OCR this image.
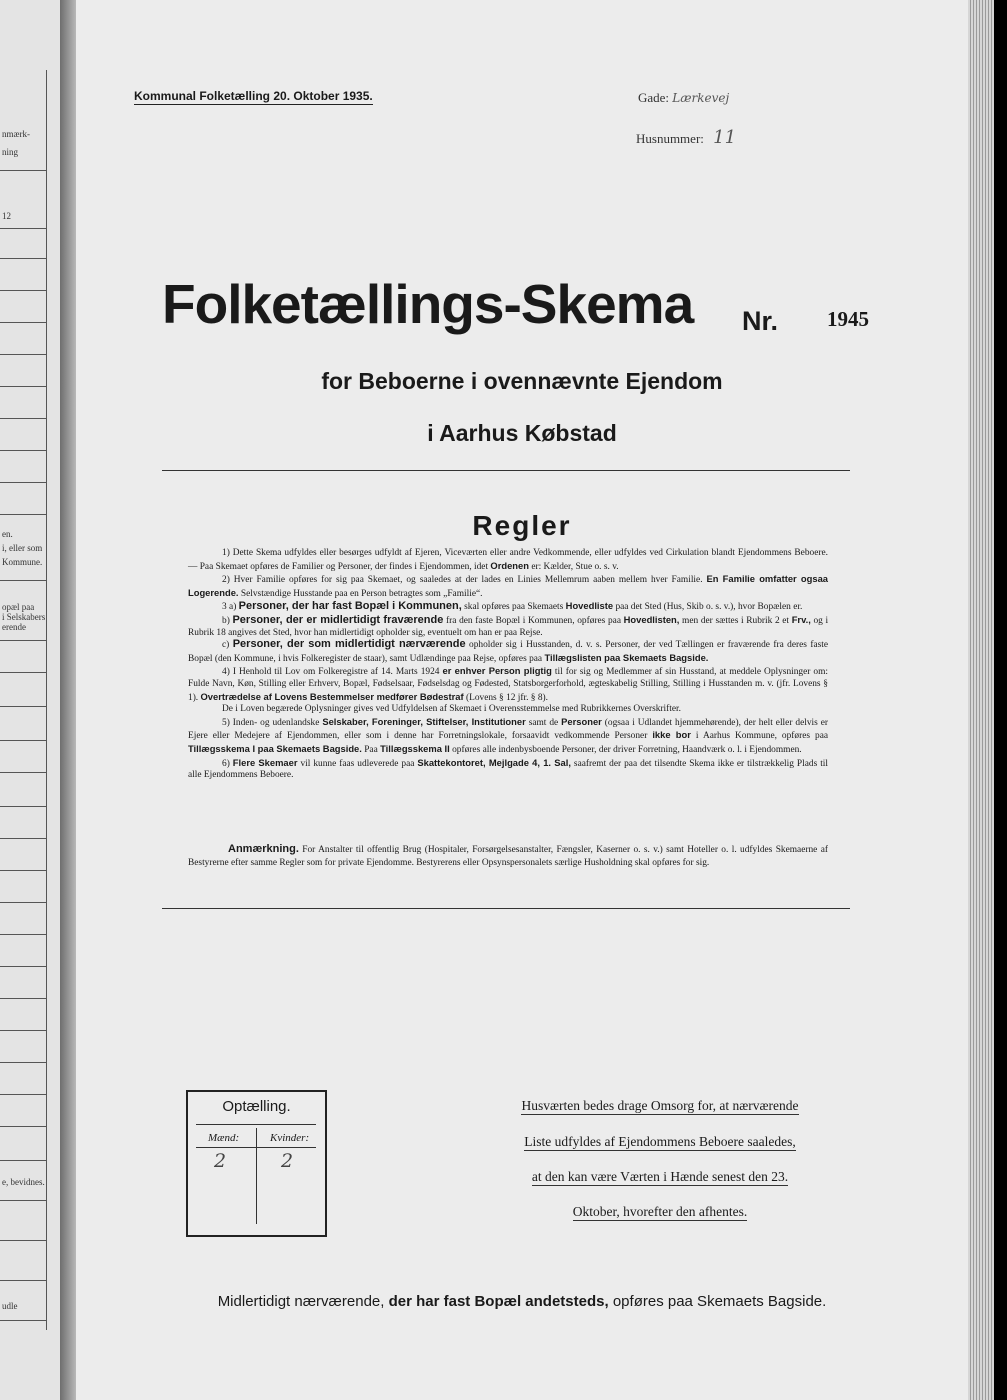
nmærk-
ning
12
en.
i, eller som
Kommune.
opæl paa
i Selskabers
erende
e, bevidnes.
udle
Kommunal Folketælling 20. Oktober 1935.	Gade: Lærkevej
Husnummer: 11
Folketællings-Skema Nr. 1945
for Beboerne i ovennævnte Ejendom
i Aarhus Købstad
Regler

1) Dette Skema udfyldes eller besørges udfyldt af Ejeren, Viceværten eller andre Vedkommende, eller udfyldes ved Cirkulation blandt Ejendommens Beboere. — Paa Skemaet opføres de Familier og Personer, der findes i Ejendommen, idet Ordenen er: Kælder, Stue o. s. v.

2) Hver Familie opføres for sig paa Skemaet, og saaledes at der lades en Linies Mellemrum aaben mellem hver Familie. En Familie omfatter ogsaa Logerende. Selvstændige Husstande paa en Person betragtes som „Familie“.

3 a) Personer, der har fast Bopæl i Kommunen, skal opføres paa Skemaets Hovedliste paa det Sted (Hus, Skib o. s. v.), hvor Bopælen er.

b) Personer, der er midlertidigt fraværende fra den faste Bopæl i Kommunen, opføres paa Hovedlisten, men der sættes i Rubrik 2 et Frv., og i Rubrik 18 angives det Sted, hvor han midlertidigt opholder sig, eventuelt om han er paa Rejse.

c) Personer, der som midlertidigt nærværende opholder sig i Husstanden, d. v. s. Personer, der ved Tællingen er fraværende fra deres faste Bopæl (den Kommune, i hvis Folkeregister de staar), samt Udlændinge paa Rejse, opføres paa Tillægslisten paa Skemaets Bagside.

4) I Henhold til Lov om Folkeregistre af 14. Marts 1924 er enhver Person pligtig til for sig og Medlemmer af sin Husstand, at meddele Oplysninger om: Fulde Navn, Køn, Stilling eller Erhverv, Bopæl, Fødselsaar, Fødselsdag og Fødested, Statsborgerforhold, ægteskabelig Stilling, Stilling i Husstanden m. v. (jfr. Lovens § 1). Overtrædelse af Lovens Bestemmelser medfører Bødestraf (Lovens § 12 jfr. § 8).

De i Loven begærede Oplysninger gives ved Udfyldelsen af Skemaet i Overensstemmelse med Rubrikkernes Overskrifter.

5) Inden- og udenlandske Selskaber, Foreninger, Stiftelser, Institutioner samt de Personer (ogsaa i Udlandet hjemmehørende), der helt eller delvis er Ejere eller Medejere af Ejendommen, eller som i denne har Forretningslokale, forsaavidt vedkommende Personer ikke bor i Aarhus Kommune, opføres paa Tillægsskema I paa Skemaets Bagside. Paa Tillægsskema II opføres alle indenbysboende Personer, der driver Forretning, Haandværk o. l. i Ejendommen.

6) Flere Skemaer vil kunne faas udleverede paa Skattekontoret, Mejlgade 4, 1. Sal, saafremt der paa det tilsendte Skema ikke er tilstrækkelig Plads til alle Ejendommens Beboere.

Anmærkning. For Anstalter til offentlig Brug (Hospitaler, Forsørgelsesanstalter, Fængsler, Kaserner o. s. v.) samt Hoteller o. l. udfyldes Skemaerne af Bestyrerne efter samme Regler som for private Ejendomme. Bestyrerens eller Opsynspersonalets særlige Husholdning skal opføres for sig.

Optælling.
Mænd:	Kvinder:
2	2
Husværten bedes drage Omsorg for, at nærværende
Liste udfyldes af Ejendommens Beboere saaledes,
at den kan være Værten i Hænde senest den 23.
Oktober, hvorefter den afhentes.
Midlertidigt nærværende, der har fast Bopæl andetsteds, opføres paa Skemaets Bagside.
